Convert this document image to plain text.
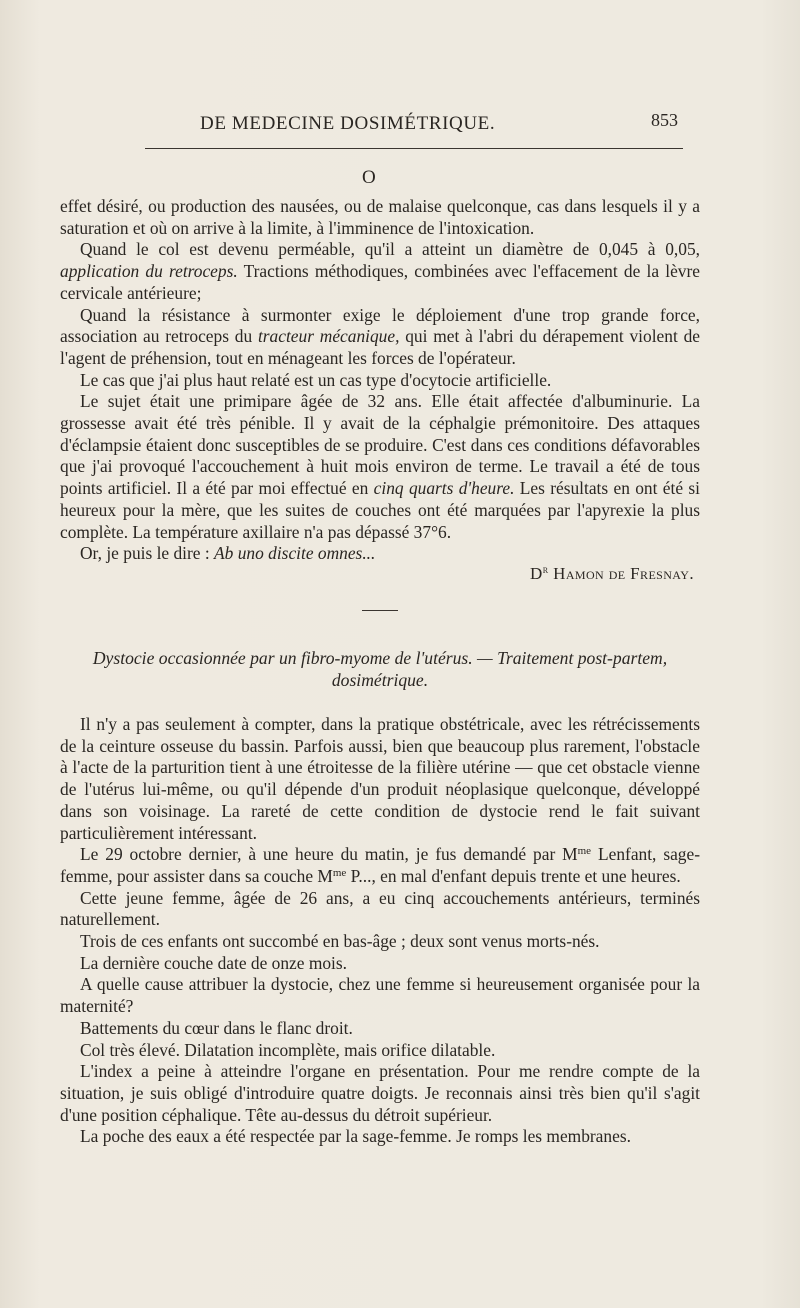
DE MEDECINE DOSIMÉTRIQUE.	853
O

effet désiré, ou production des nausées, ou de malaise quelconque, cas dans lesquels il y a saturation et où on arrive à la limite, à l'imminence de l'intoxication.

Quand le col est devenu perméable, qu'il a atteint un diamètre de 0,045 à 0,05, application du retroceps. Tractions méthodiques, combinées avec l'effacement de la lèvre cervicale antérieure;

Quand la résistance à surmonter exige le déploiement d'une trop grande force, association au retroceps du tracteur mécanique, qui met à l'abri du dérapement violent de l'agent de préhension, tout en ménageant les forces de l'opérateur.

Le cas que j'ai plus haut relaté est un cas type d'ocytocie artificielle.

Le sujet était une primipare âgée de 32 ans. Elle était affectée d'albuminurie. La grossesse avait été très pénible. Il y avait de la céphalgie prémonitoire. Des attaques d'éclampsie étaient donc susceptibles de se produire. C'est dans ces conditions défavorables que j'ai provoqué l'accouchement à huit mois environ de terme. Le travail a été de tous points artificiel. Il a été par moi effectué en cinq quarts d'heure. Les résultats en ont été si heureux pour la mère, que les suites de couches ont été marquées par l'apyrexie la plus complète. La température axillaire n'a pas dépassé 37°6.

Or, je puis le dire : Ab uno discite omnes...

$D^r$ Hamon de Fresnay.
Dystocie occasionnée par un fibro-myome de l'utérus. — Traitement post-partem,
dosimétrique.

Il n'y a pas seulement à compter, dans la pratique obstétricale, avec les rétrécissements de la ceinture osseuse du bassin. Parfois aussi, bien que beaucoup plus rarement, l'obstacle à l'acte de la parturition tient à une étroitesse de la filière utérine — que cet obstacle vienne de l'utérus lui-même, ou qu'il dépende d'un produit néoplasique quelconque, développé dans son voisinage. La rareté de cette condition de dystocie rend le fait suivant particulièrement intéressant.

Le 29 octobre dernier, à une heure du matin, je fus demandé par $M^{me}$ Lenfant, sage-femme, pour assister dans sa couche $M^{me}$ P..., en mal d'enfant depuis trente et une heures.

Cette jeune femme, âgée de 26 ans, a eu cinq accouchements antérieurs, terminés naturellement.

Trois de ces enfants ont succombé en bas-âge ; deux sont venus morts-nés.

La dernière couche date de onze mois.

A quelle cause attribuer la dystocie, chez une femme si heureusement organisée pour la maternité?

Battements du cœur dans le flanc droit.

Col très élevé. Dilatation incomplète, mais orifice dilatable.

L'index a peine à atteindre l'organe en présentation. Pour me rendre compte de la situation, je suis obligé d'introduire quatre doigts. Je reconnais ainsi très bien qu'il s'agit d'une position céphalique. Tête au-dessus du détroit supérieur.

La poche des eaux a été respectée par la sage-femme. Je romps les membranes.
